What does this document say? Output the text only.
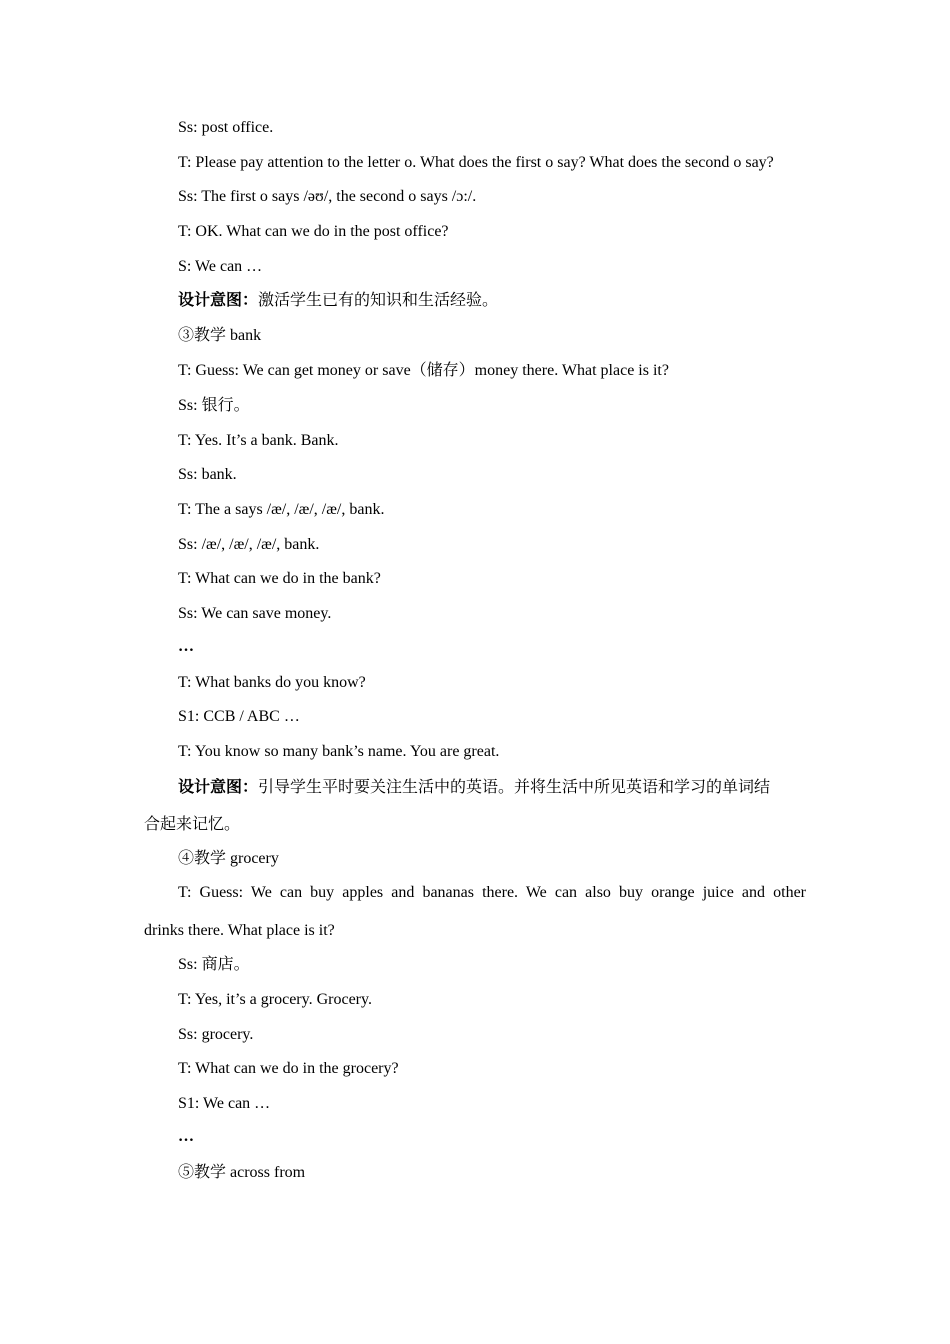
Ss: post office.
T: Please pay attention to the letter o. What does the first o say? What does the second o say?
Ss: The first o says /əʊ/, the second o says /ɔ:/.
T: OK. What can we do in the post office?
S: We can …
设计意图：激活学生已有的知识和生活经验。
③教学 bank
T: Guess: We can get money or save（储存）money there. What place is it?
Ss: 银行。
T: Yes. It’s a bank. Bank.
Ss: bank.
T: The a says /æ/, /æ/, /æ/, bank.
Ss: /æ/, /æ/, /æ/, bank.
T: What can we do in the bank?
Ss: We can save money.
…
T: What banks do you know?
S1: CCB / ABC …
T: You know so many bank’s name. You are great.
设计意图：引导学生平时要关注生活中的英语。并将生活中所见英语和学习的单词结
合起来记忆。
④教学 grocery
T: Guess: We can buy apples and bananas there. We can also buy orange juice and other
drinks there. What place is it?
Ss: 商店。
T: Yes, it’s a grocery. Grocery.
Ss: grocery.
T: What can we do in the grocery?
S1: We can …
…
⑤教学 across from
